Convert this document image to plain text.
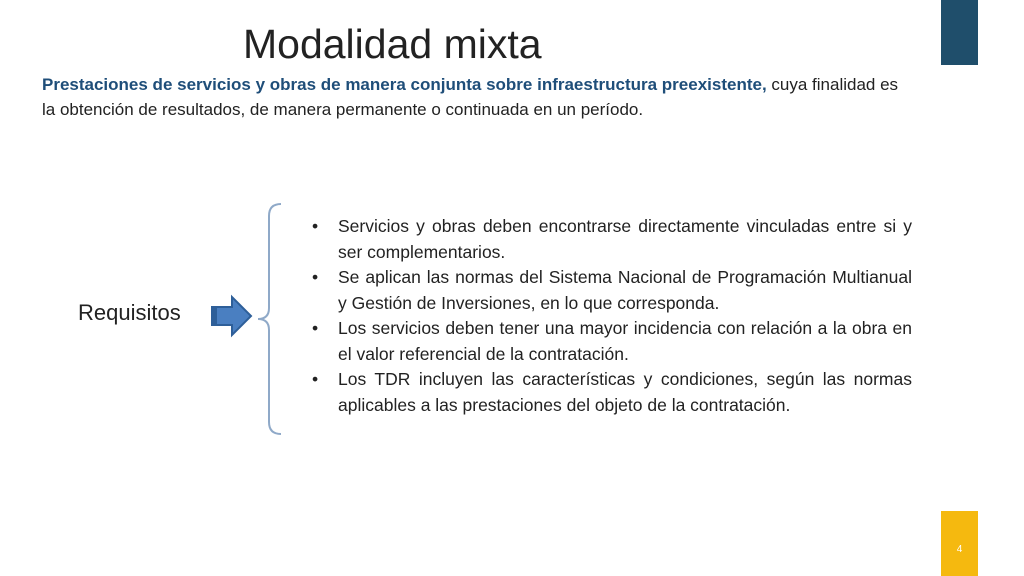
Modalidad mixta
Prestaciones de servicios y obras de manera conjunta sobre infraestructura preexistente, cuya finalidad es la obtención de resultados, de manera permanente o continuada en un período.
Requisitos
• Servicios y obras deben encontrarse directamente vinculadas entre si y ser complementarios.
• Se aplican las normas del Sistema Nacional de Programación Multianual y Gestión de Inversiones, en lo que corresponda.
• Los servicios deben tener una mayor incidencia con relación a la obra en el valor referencial de la contratación.
• Los TDR incluyen las características y condiciones, según las normas aplicables a las prestaciones del objeto de la contratación.
4
